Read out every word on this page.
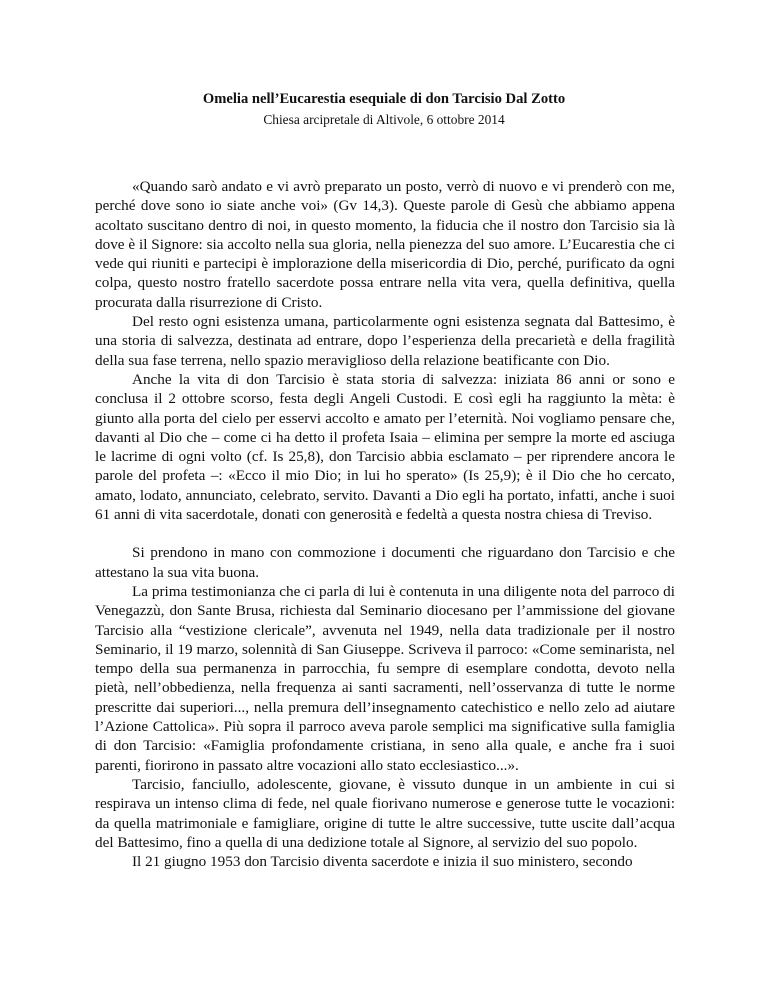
Omelia nell’Eucarestia esequiale di don Tarcisio Dal Zotto
Chiesa arcipretale di Altivole, 6 ottobre 2014

«Quando sarò andato e vi avrò preparato un posto, verrò di nuovo e vi prenderò con me, perché dove sono io siate anche voi» (Gv 14,3). Queste parole di Gesù che abbiamo appena acoltato suscitano dentro di noi, in questo momento, la fiducia che il nostro don Tarcisio sia là dove è il Signore: sia accolto nella sua gloria, nella pienezza del suo amore. L’Eucarestia che ci vede qui riuniti e partecipi è implorazione della misericordia di Dio, perché, purificato da ogni colpa, questo nostro fratello sacerdote possa entrare nella vita vera, quella definitiva, quella procurata dalla risurrezione di Cristo.

Del resto ogni esistenza umana, particolarmente ogni esistenza segnata dal Battesimo, è una storia di salvezza, destinata ad entrare, dopo l’esperienza della precarietà e della fragilità della sua fase terrena, nello spazio meraviglioso della relazione beatificante con Dio.

Anche la vita di don Tarcisio è stata storia di salvezza: iniziata 86 anni or sono e conclusa il 2 ottobre scorso, festa degli Angeli Custodi. E così egli ha raggiunto la mèta: è giunto alla porta del cielo per esservi accolto e amato per l’eternità. Noi vogliamo pensare che, davanti al Dio che – come ci ha detto il profeta Isaia – elimina per sempre la morte ed asciuga le lacrime di ogni volto (cf. Is 25,8), don Tarcisio abbia esclamato – per riprendere ancora le parole del profeta –: «Ecco il mio Dio; in lui ho sperato» (Is 25,9); è il Dio che ho cercato, amato, lodato, annunciato, celebrato, servito. Davanti a Dio egli ha portato, infatti, anche i suoi 61 anni di vita sacerdotale, donati con generosità e fedeltà a questa nostra chiesa di Treviso.

Si prendono in mano con commozione i documenti che riguardano don Tarcisio e che attestano la sua vita buona.

La prima testimonianza che ci parla di lui è contenuta in una diligente nota del parroco di Venegazzù, don Sante Brusa, richiesta dal Seminario diocesano per l’ammissione del giovane Tarcisio alla “vestizione clericale”, avvenuta nel 1949, nella data tradizionale per il nostro Seminario, il 19 marzo, solennità di San Giuseppe. Scriveva il parroco: «Come seminarista, nel tempo della sua permanenza in parrocchia, fu sempre di esemplare condotta, devoto nella pietà, nell’obbedienza, nella frequenza ai santi sacramenti, nell’osservanza di tutte le norme prescritte dai superiori..., nella premura dell’insegnamento catechistico e nello zelo ad aiutare l’Azione Cattolica». Più sopra il parroco aveva parole semplici ma significative sulla famiglia di don Tarcisio: «Famiglia profondamente cristiana, in seno alla quale, e anche fra i suoi parenti, fiorirono in passato altre vocazioni allo stato ecclesiastico...».

Tarcisio, fanciullo, adolescente, giovane, è vissuto dunque in un ambiente in cui si respirava un intenso clima di fede, nel quale fiorivano numerose e generose tutte le vocazioni: da quella matrimoniale e famigliare, origine di tutte le altre successive, tutte uscite dall’acqua del Battesimo, fino a quella di una dedizione totale al Signore, al servizio del suo popolo.

Il 21 giugno 1953 don Tarcisio diventa sacerdote e inizia il suo ministero, secondo
